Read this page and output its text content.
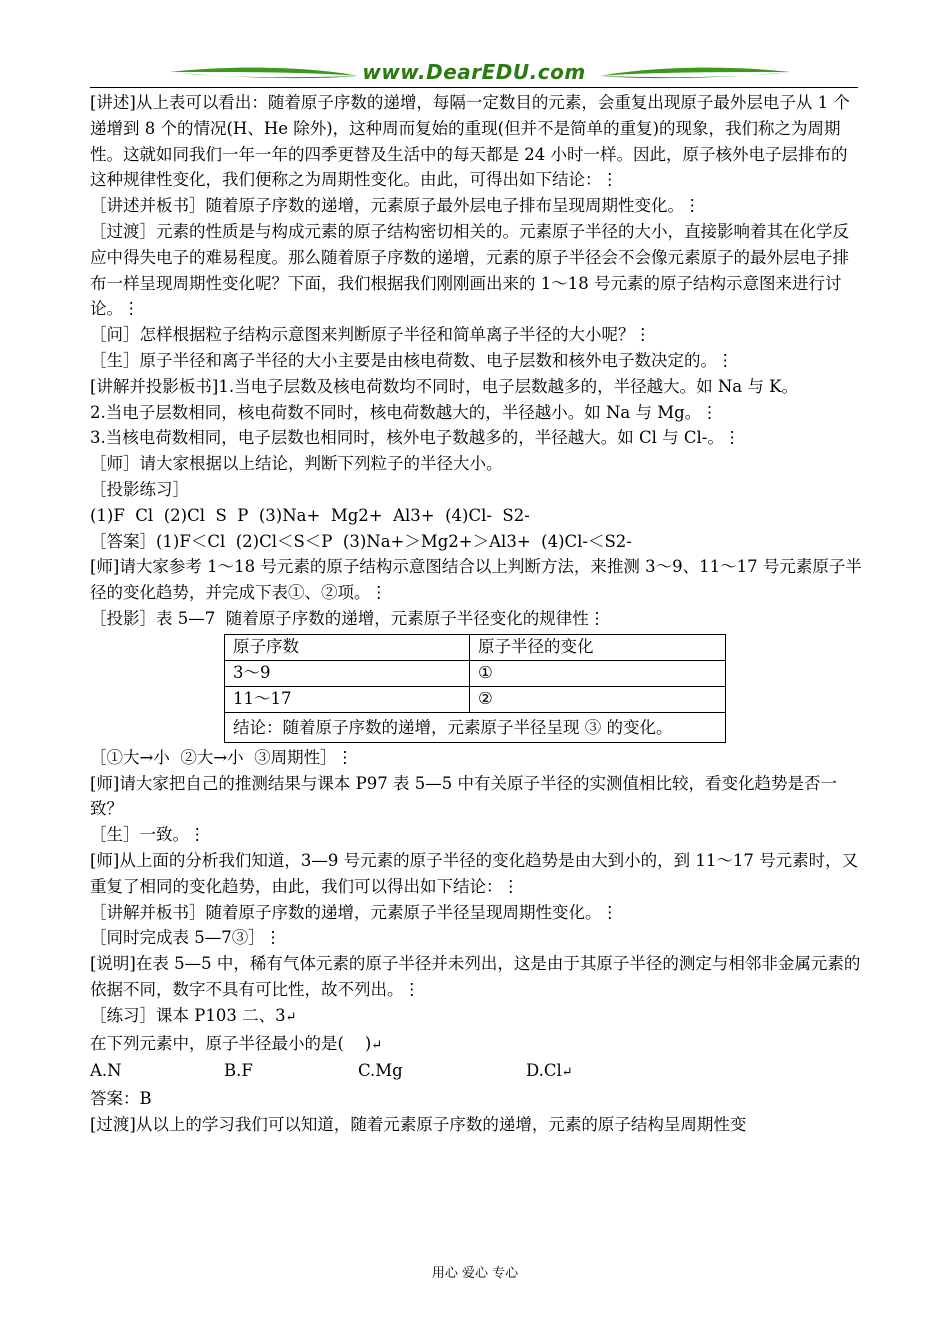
www.DearEDU.com

[讲述]从上表可以看出：随着原子序数的递增，每隔一定数目的元素，会重复出现原子最外层电子从 1 个递增到 8 个的情况(H、He 除外)，这种周而复始的重现(但并不是简单的重复)的现象，我们称之为周期性。这就如同我们一年一年的四季更替及生活中的每天都是 24 小时一样。因此，原子核外电子层排布的这种规律性变化，我们便称之为周期性变化。由此，可得出如下结论：⋮

［讲述并板书］随着原子序数的递增，元素原子最外层电子排布呈现周期性变化。⋮

［过渡］元素的性质是与构成元素的原子结构密切相关的。元素原子半径的大小，直接影响着其在化学反应中得失电子的难易程度。那么随着原子序数的递增，元素的原子半径会不会像元素原子的最外层电子排布一样呈现周期性变化呢？下面，我们根据我们刚刚画出来的 1～18 号元素的原子结构示意图来进行讨论。⋮

［问］怎样根据粒子结构示意图来判断原子半径和简单离子半径的大小呢？⋮

［生］原子半径和离子半径的大小主要是由核电荷数、电子层数和核外电子数决定的。⋮

[讲解并投影板书]1.当电子层数及核电荷数均不同时，电子层数越多的，半径越大。如 Na 与 K。

2.当电子层数相同，核电荷数不同时，核电荷数越大的，半径越小。如 Na 与 Mg。⋮

3.当核电荷数相同，电子层数也相同时，核外电子数越多的，半径越大。如 Cl 与 Cl-。⋮

［师］请大家根据以上结论，判断下列粒子的半径大小。

［投影练习］

(1)F  Cl  (2)Cl  S  P  (3)Na+  Mg2+  Al3+  (4)Cl-  S2-

［答案］(1)F＜Cl  (2)Cl＜S＜P  (3)Na+＞Mg2+＞Al3+  (4)Cl-＜S2-

[师]请大家参考 1～18 号元素的原子结构示意图结合以上判断方法，来推测 3～9、11～17 号元素原子半径的变化趋势，并完成下表①、②项。⋮

［投影］表 5—7  随着原子序数的递增，元素原子半径变化的规律性⋮

原子序数	原子半径的变化
3～9	①
11～17	②
结论：随着原子序数的递增，元素原子半径呈现 ③ 的变化。	

［①大→小  ②大→小  ③周期性］⋮

[师]请大家把自己的推测结果与课本 P97 表 5—5 中有关原子半径的实测值相比较，看变化趋势是否一致？

［生］一致。⋮

[师]从上面的分析我们知道，3—9 号元素的原子半径的变化趋势是由大到小的，到 11～17 号元素时，又重复了相同的变化趋势，由此，我们可以得出如下结论：⋮

［讲解并板书］随着原子序数的递增，元素原子半径呈现周期性变化。⋮

［同时完成表 5—7③］⋮

[说明]在表 5—5 中，稀有气体元素的原子半径并未列出，这是由于其原子半径的测定与相邻非金属元素的依据不同，数字不具有可比性，故不列出。⋮

［练习］课本 P103 二、3↵

在下列元素中，原子半径最小的是(    )↵

A.N	B.F	C.Mg	D.Cl↵

答案：B

[过渡]从以上的学习我们可以知道，随着元素原子序数的递增，元素的原子结构呈周期性变

用心 爱心 专心
